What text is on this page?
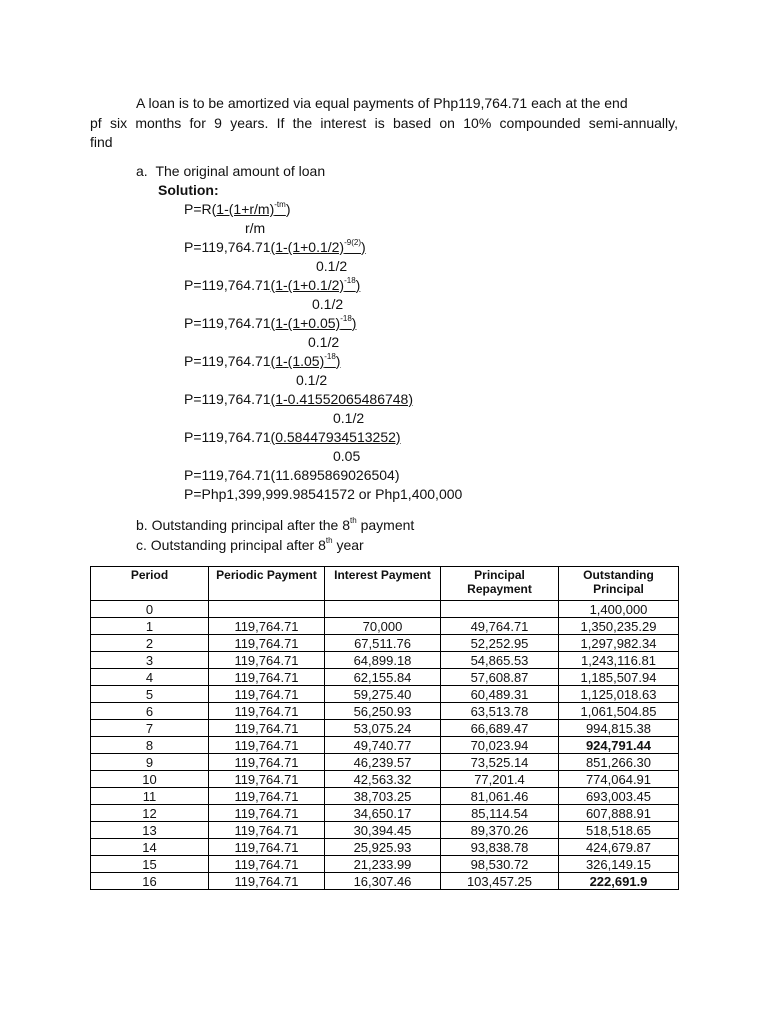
A loan is to be amortized via equal payments of Php119,764.71 each at the end
pf six months for 9 years. If the interest is based on 10% compounded semi-annually,
find
a. The original amount of loan
Solution:
$P=R(1-(1+r/m)^{-tm})$
r/m
$P=119,764.71(1-(1+0.1/2)^{-9(2)})$
0.1/2
$P=119,764.71(1-(1+0.1/2)^{-18})$
0.1/2
$P=119,764.71(1-(1+0.05)^{-18})$
0.1/2
$P=119,764.71(1-(1.05)^{-18})$
0.1/2
P=119,764.71(1-0.41552065486748)
0.1/2
P=119,764.71(0.58447934513252)
0.05
P=119,764.71(11.6895869026504)
P=Php1,399,999.98541572 or Php1,400,000
b. Outstanding principal after the 8th payment
c. Outstanding principal after 8th year
Period	Periodic Payment	Interest Payment	Principal Repayment	Outstanding Principal
0				1,400,000
1	119,764.71	70,000	49,764.71	1,350,235.29
2	119,764.71	67,511.76	52,252.95	1,297,982.34
3	119,764.71	64,899.18	54,865.53	1,243,116.81
4	119,764.71	62,155.84	57,608.87	1,185,507.94
5	119,764.71	59,275.40	60,489.31	1,125,018.63
6	119,764.71	56,250.93	63,513.78	1,061,504.85
7	119,764.71	53,075.24	66,689.47	994,815.38
8	119,764.71	49,740.77	70,023.94	924,791.44
9	119,764.71	46,239.57	73,525.14	851,266.30
10	119,764.71	42,563.32	77,201.4	774,064.91
11	119,764.71	38,703.25	81,061.46	693,003.45
12	119,764.71	34,650.17	85,114.54	607,888.91
13	119,764.71	30,394.45	89,370.26	518,518.65
14	119,764.71	25,925.93	93,838.78	424,679.87
15	119,764.71	21,233.99	98,530.72	326,149.15
16	119,764.71	16,307.46	103,457.25	222,691.9
